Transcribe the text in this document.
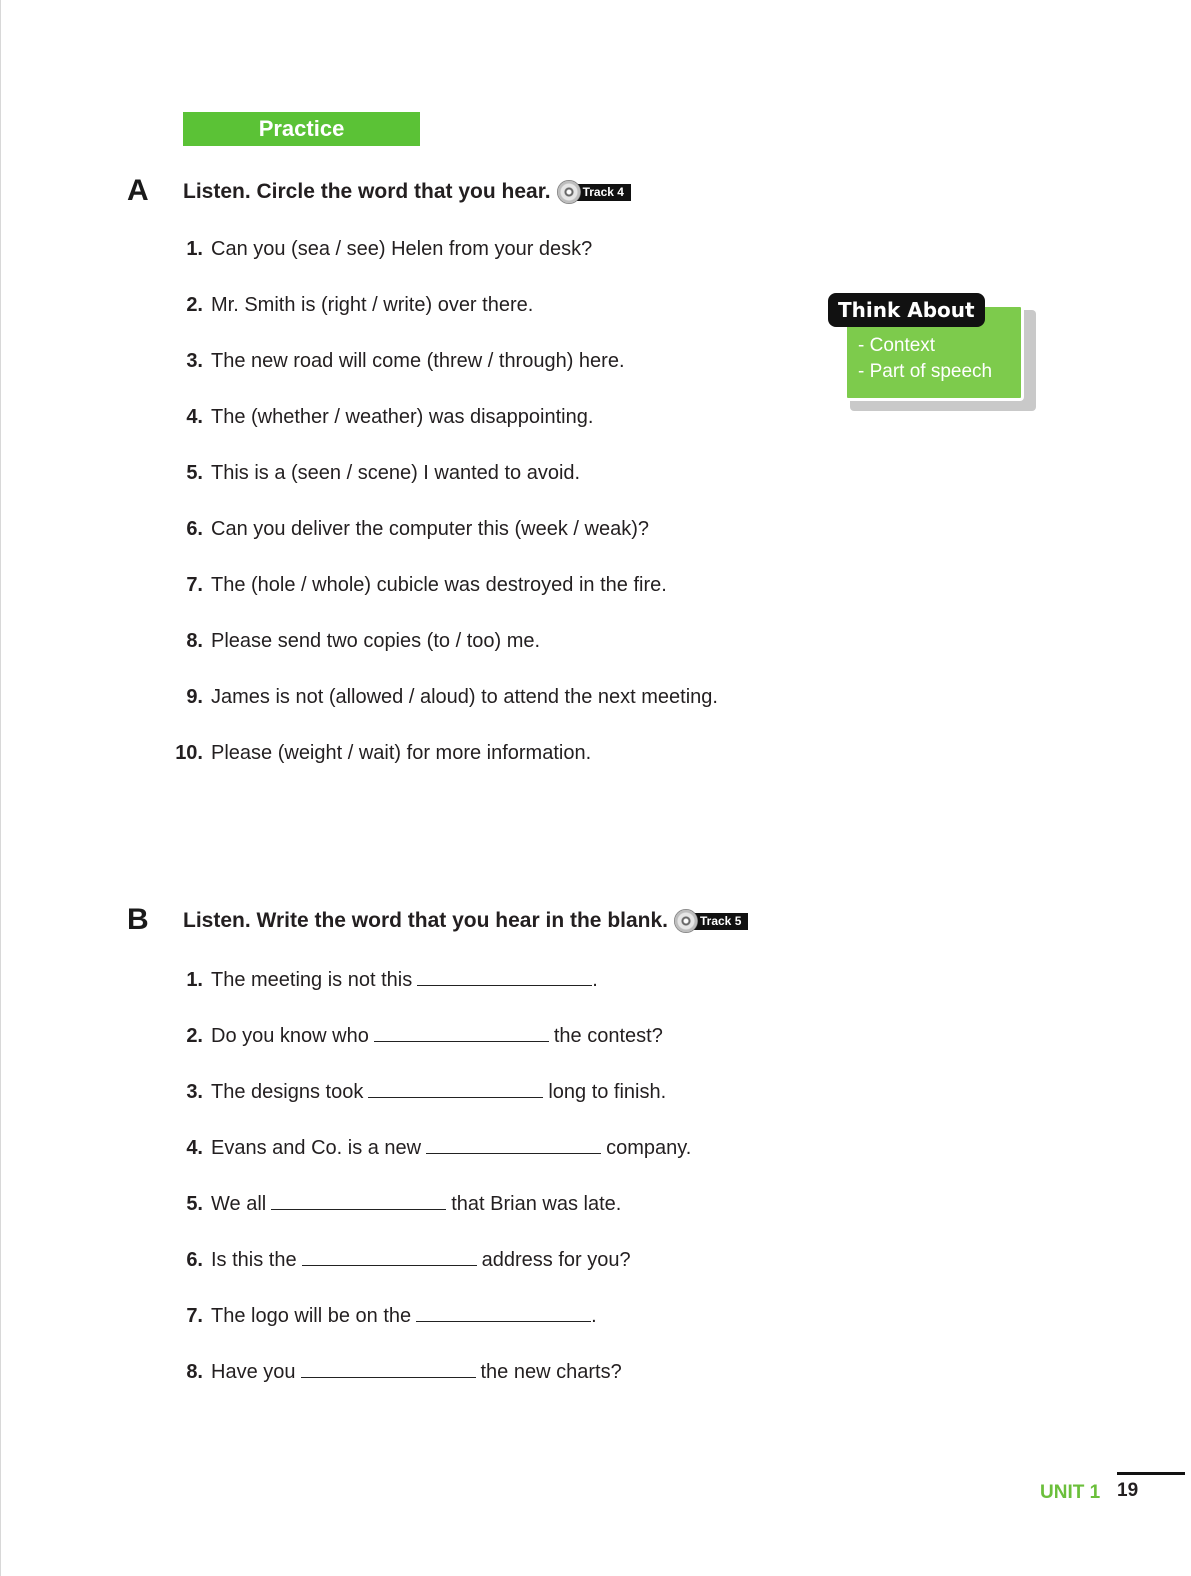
Practice
A Listen. Circle the word that you hear.	Track 4
1. Can you (sea / see) Helen from your desk?
2. Mr. Smith is (right / write) over there.
3. The new road will come (threw / through) here.
4. The (whether / weather) was disappointing.
5. This is a (seen / scene) I wanted to avoid.
6. Can you deliver the computer this (week / weak)?
7. The (hole / whole) cubicle was destroyed in the fire.
8. Please send two copies (to / too) me.
9. James is not (allowed / aloud) to attend the next meeting.
10. Please (weight / wait) for more information.
Think About
- Context
- Part of speech
B Listen. Write the word that you hear in the blank.	Track 5
1. The meeting is not this	.
2. Do you know who	the contest?
3. The designs took	long to finish.
4. Evans and Co. is a new	company.
5. We all	that Brian was late.
6. Is this the	address for you?
7. The logo will be on the	.
8. Have you	the new charts?
UNIT 1 19
